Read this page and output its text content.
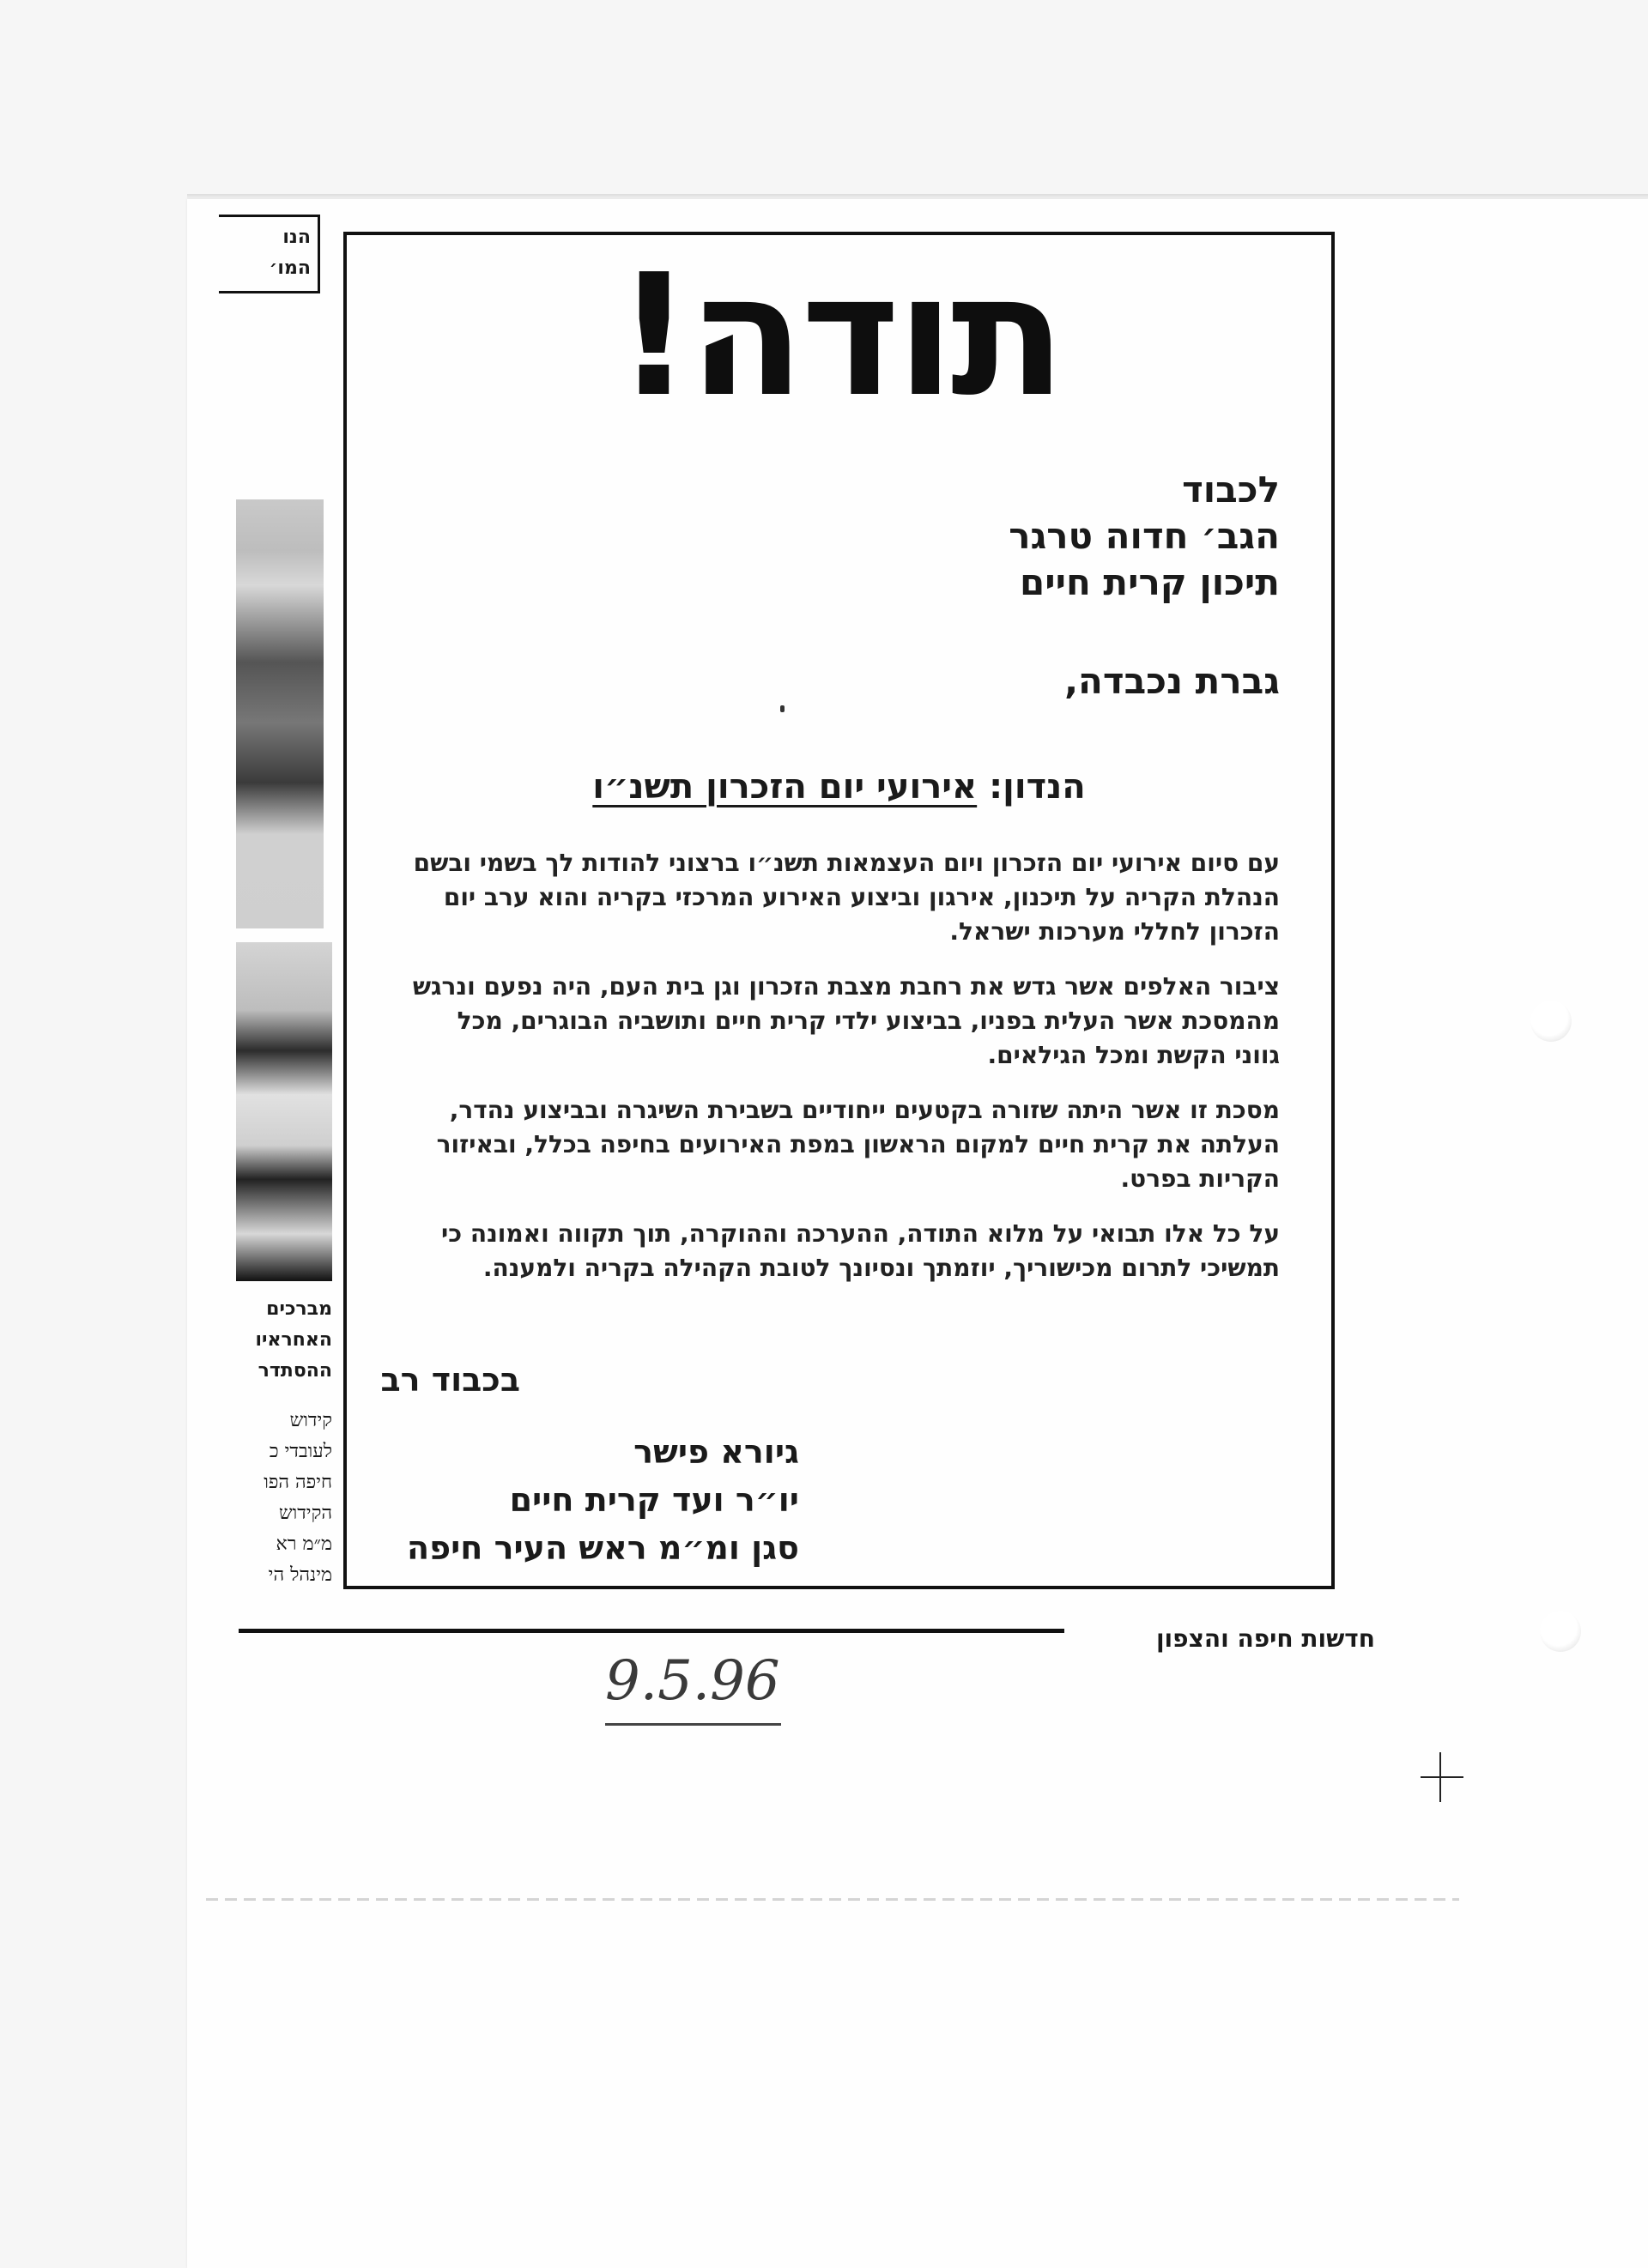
הנו
המו׳
מברכים
האחראיו
ההסתדר
קידוש
לעובדי כ
חיפה הפו
הקידוש
מ״מ רא
מינהל הי
תודה!
לכבוד
הגב׳ חדוה טרגר
תיכון קרית חיים
גברת נכבדה,
הנדון: אירועי יום הזכרון תשנ״ו
עם סיום אירועי יום הזכרון ויום העצמאות תשנ״ו ברצוני להודות לך בשמי ובשם הנהלת הקריה על תיכנון, אירגון וביצוע האירוע המרכזי בקריה והוא ערב יום הזכרון לחללי מערכות ישראל.
ציבור האלפים אשר גדש את רחבת מצבת הזכרון וגן בית העם, היה נפעם ונרגש מהמסכת אשר העלית בפניו, בביצוע ילדי קרית חיים ותושביה הבוגרים, מכל גווני הקשת ומכל הגילאים.
מסכת זו אשר היתה שזורה בקטעים ייחודיים בשבירת השיגרה ובביצוע נהדר, העלתה את קרית חיים למקום הראשון במפת האירועים בחיפה בכלל, ובאיזור הקריות בפרט.
על כל אלו תבואי על מלוא התודה, ההערכה וההוקרה, תוך תקווה ואמונה כי תמשיכי לתרום מכישוריך, יוזמתך ונסיונך לטובת הקהילה בקריה ולמענה.
בכבוד רב
גיורא פישר
יו״ר ועד קרית חיים
סגן ומ״מ ראש העיר חיפה
חדשות חיפה והצפון
9.5.96
